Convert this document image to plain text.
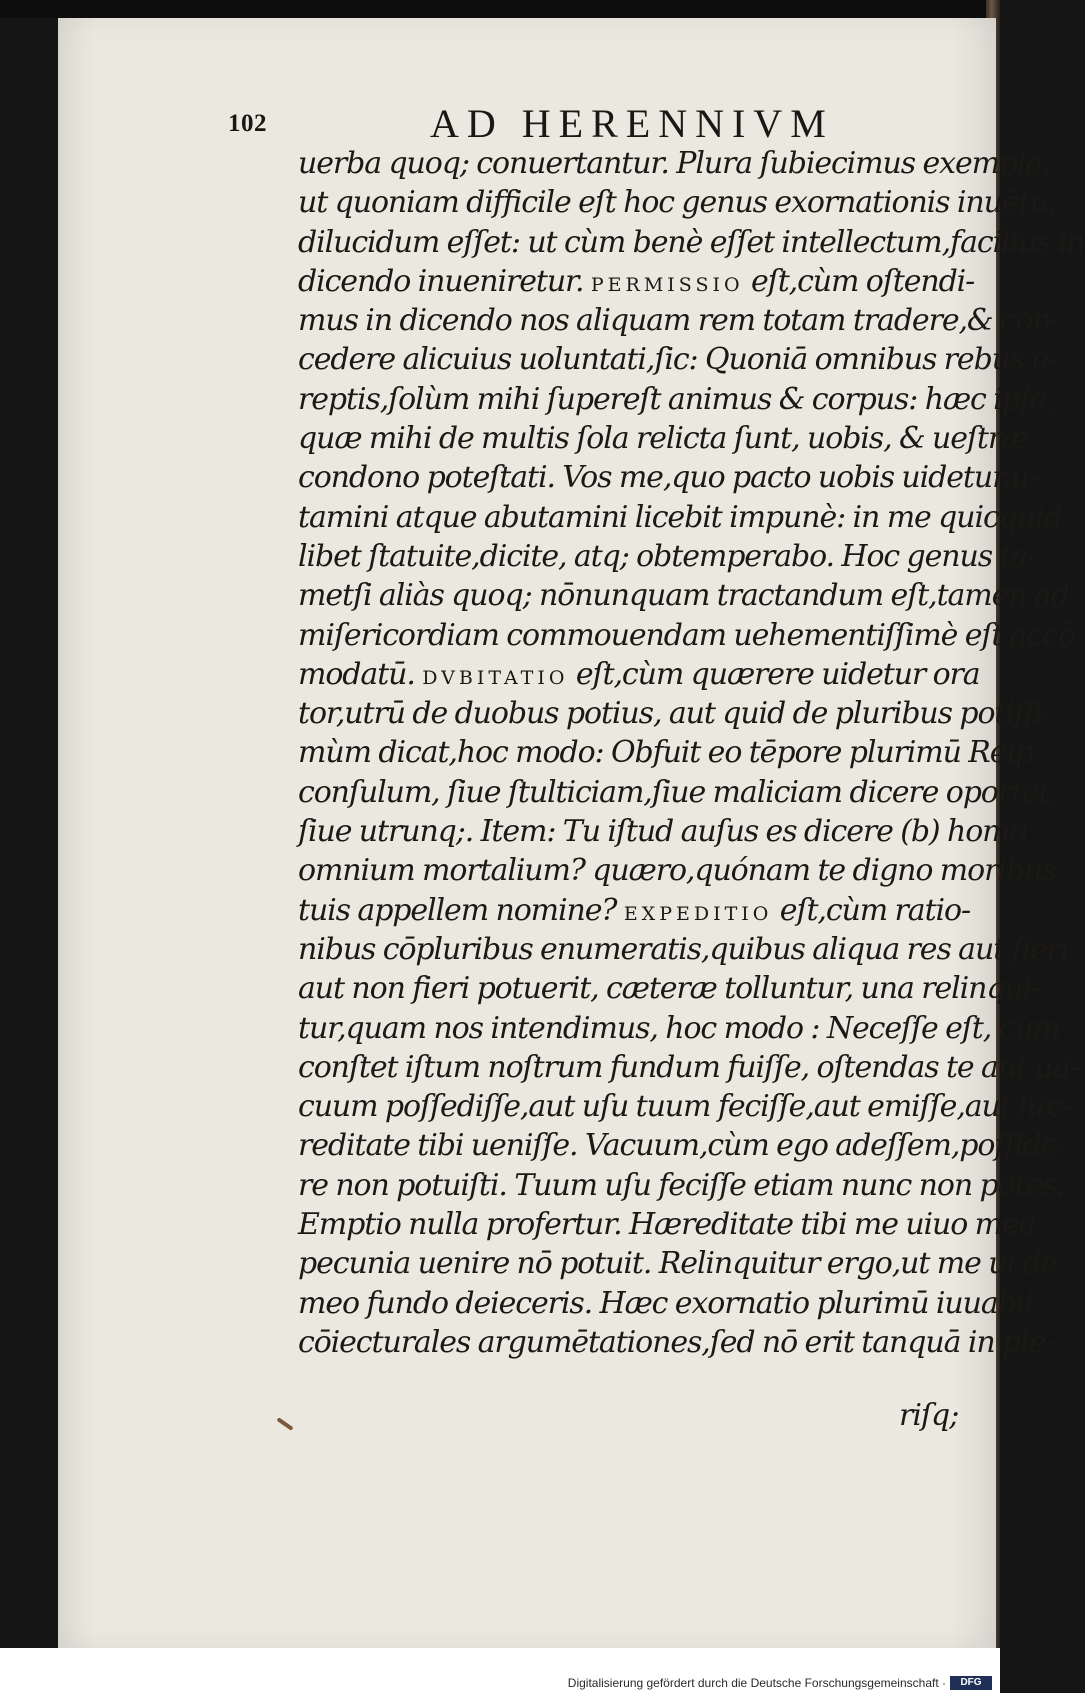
102	AD HERENNIVM
uerba quoq; conuertantur. Plura ſubiecimus exempla:
ut quoniam difficile eſt hoc genus exornationis inuētu,
dilucidum eſſet: ut cùm benè eſſet intellectum,facilius in
dicendo inueniretur. PERMISSIO eſt,cùm oſtendi-
mus in dicendo nos aliquam rem totam tradere,& con-
cedere alicuius uoluntati,ſic: Quoniā omnibus rebus e-
reptis,ſolùm mihi ſupereſt animus & corpus: hæc ipſa,
quæ mihi de multis ſola relicta ſunt, uobis, & ueſtræ
condono poteſtati. Vos me,quo pacto uobis uidetur,u-
tamini atque abutamini licebit impunè: in me quicquid
libet ſtatuite,dicite, atq; obtemperabo. Hoc genus ta-
metſi aliàs quoq; nōnunquam tractandum eſt,tamen ad
miſericordiam commouendam uehementiſſimè eſt accō
modatū. DVBITATIO eſt,cùm quærere uidetur ora
tor,utrū de duobus potius, aut quid de pluribus potiſſi-
mùm dicat,hoc modo: Obfuit eo tēpore plurimū Reip.
conſulum, ſiue ſtulticiam,ſiue maliciam dicere oportet,
ſiue utrunq;. Item: Tu iſtud auſus es dicere (b) homo
omnium mortalium? quæro,quónam te digno moribus
tuis appellem nomine? EXPEDITIO eſt,cùm ratio-
nibus cōpluribus enumeratis,quibus aliqua res aut fieri
aut non fieri potuerit, cæteræ tolluntur, una relinqui-
tur,quam nos intendimus, hoc modo : Neceſſe eſt, cùm
conſtet iſtum noſtrum fundum fuiſſe, oſtendas te aut ua-
cuum poſſediſſe,aut uſu tuum feciſſe,aut emiſſe,aut hæ-
reditate tibi ueniſſe. Vacuum,cùm ego adeſſem,poſſide-
re non potuiſti. Tuum uſu feciſſe etiam nunc non potes:
Emptio nulla profertur. Hæreditate tibi me uiuo mea
pecunia uenire nō potuit. Relinquitur ergo,ut me ui de
meo fundo deieceris. Hæc exornatio plurimū iuuabit
cōiecturales argumētationes,ſed nō erit tanquā in ple-
riſq;
Digitalisierung gefördert durch die Deutsche Forschungsgemeinschaft ·	DFG
